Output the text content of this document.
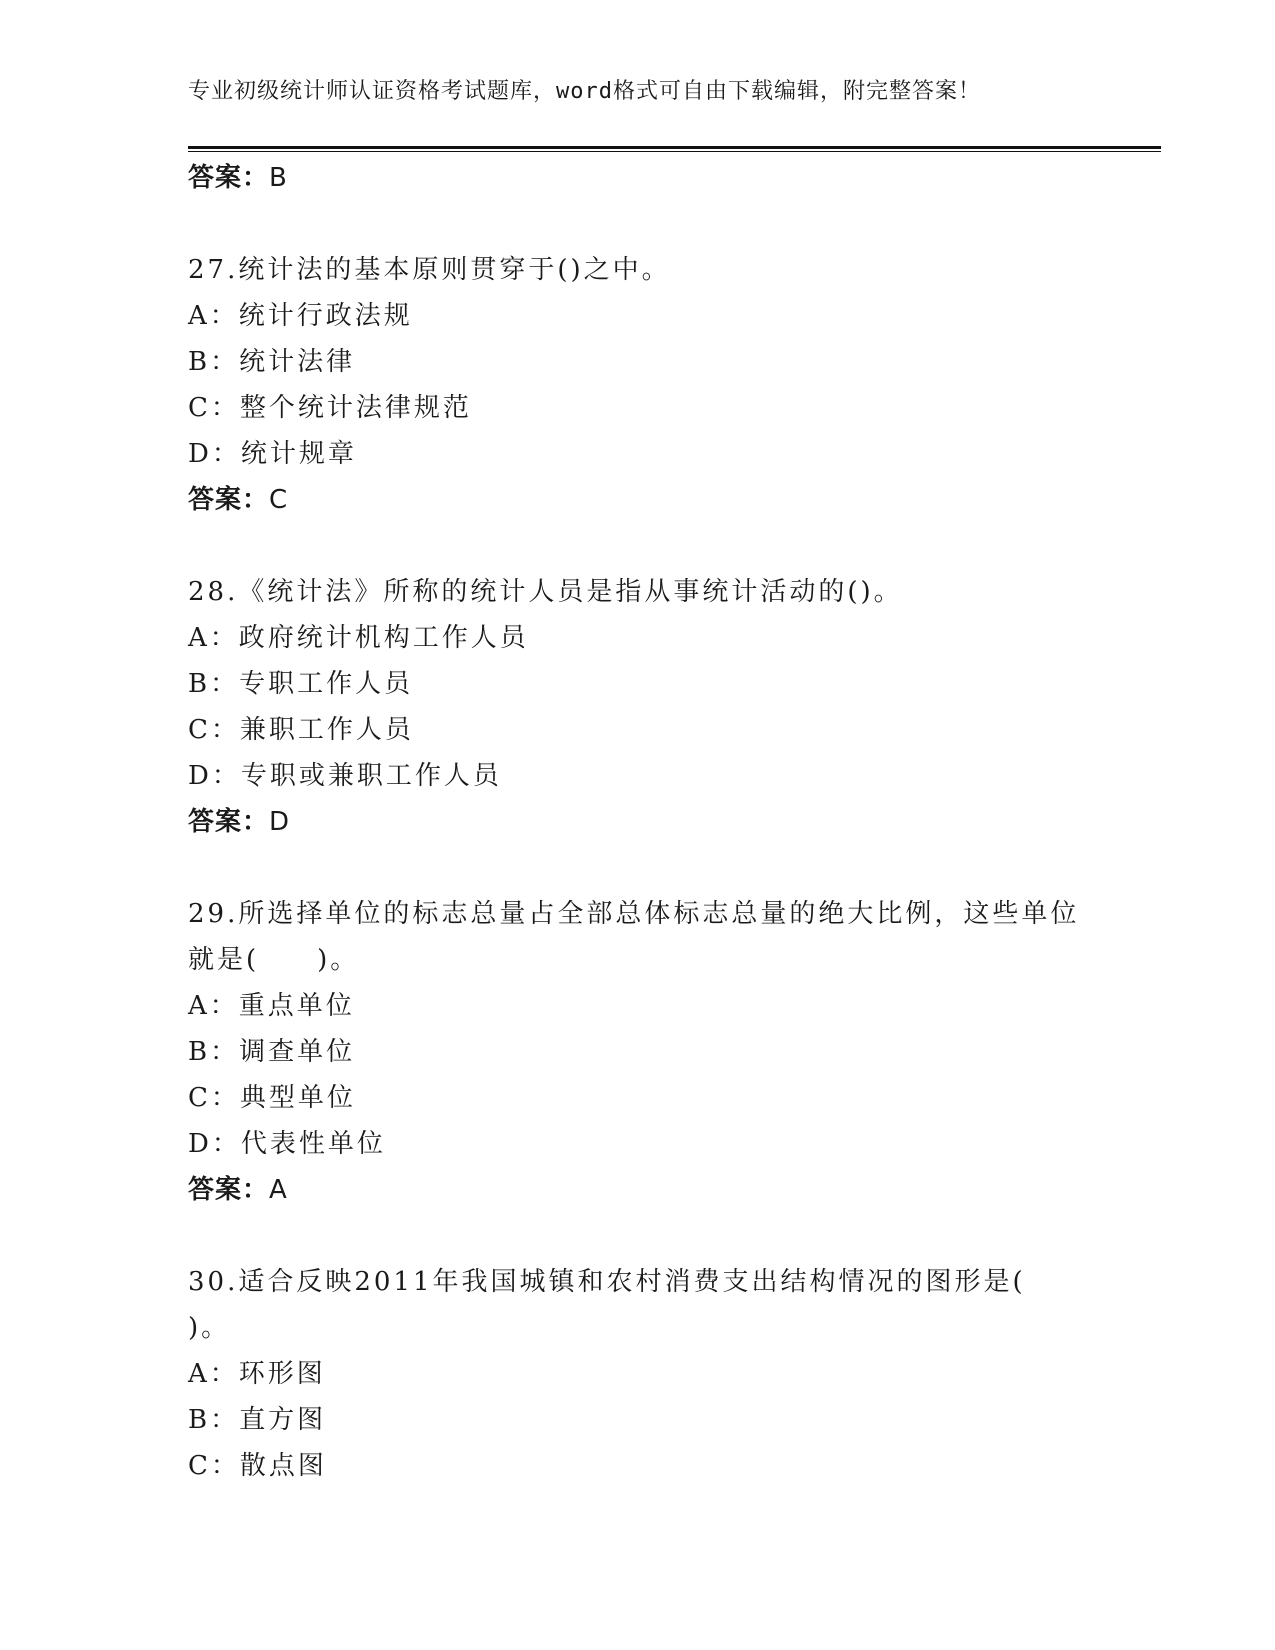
专业初级统计师认证资格考试题库，word格式可自由下载编辑，附完整答案！
答案：B
27.统计法的基本原则贯穿于()之中。
A：统计行政法规
B：统计法律
C：整个统计法律规范
D：统计规章
答案：C
28.《统计法》所称的统计人员是指从事统计活动的()。
A：政府统计机构工作人员
B：专职工作人员
C：兼职工作人员
D：专职或兼职工作人员
答案：D
29.所选择单位的标志总量占全部总体标志总量的绝大比例，这些单位
就是(　　)。
A：重点单位
B：调查单位
C：典型单位
D：代表性单位
答案：A
30.适合反映2011年我国城镇和农村消费支出结构情况的图形是(
)。
A：环形图
B：直方图
C：散点图
